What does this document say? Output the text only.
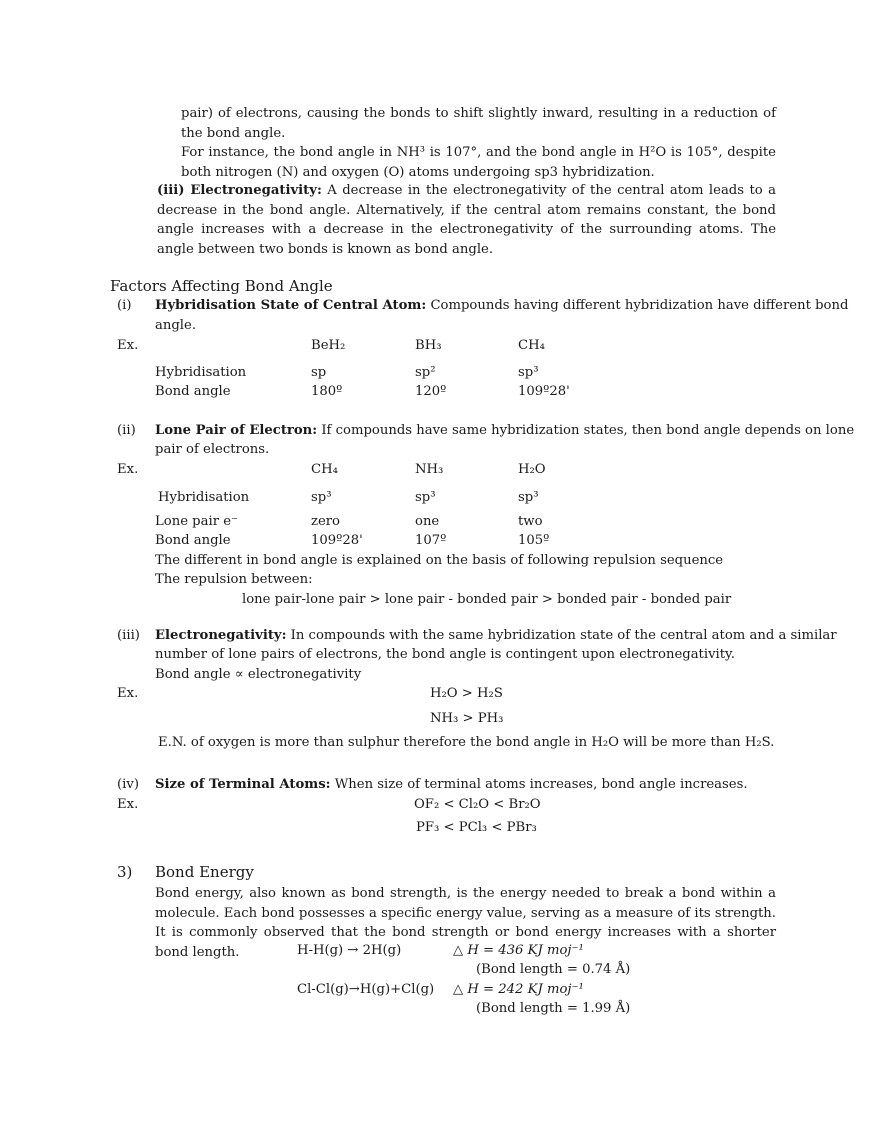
pair) of electrons, causing the bonds to shift slightly inward, resulting in a reduction of the bond angle.
For instance, the bond angle in NH³ is 107°, and the bond angle in H²O is 105°, despite both nitrogen (N) and oxygen (O) atoms undergoing sp3 hybridization.
(iii) Electronegativity: A decrease in the electronegativity of the central atom leads to a decrease in the bond angle. Alternatively, if the central atom remains constant, the bond angle increases with a decrease in the electronegativity of the surrounding atoms. The angle between two bonds is known as bond angle.
Factors Affecting Bond Angle
(i) Hybridisation State of Central Atom: Compounds having different hybridization have different bond
angle.
Ex.	BeH₂	BH₃	CH₄
Hybridisation	sp	sp²	sp³
Bond angle	180º	120º	109º28'
(ii) Lone Pair of Electron: If compounds have same hybridization states, then bond angle depends on lone
pair of electrons.
Ex.	CH₄	NH₃	H₂O
Hybridisation	sp³	sp³	sp³
Lone pair e⁻	zero	one	two
Bond angle	109º28'	107º	105º
The different in bond angle is explained on the basis of following repulsion sequence
The repulsion between:
lone pair-lone pair > lone pair - bonded pair > bonded pair - bonded pair
(iii) Electronegativity: In compounds with the same hybridization state of the central atom and a similar
number of lone pairs of electrons, the bond angle is contingent upon electronegativity.
Bond angle ∝ electronegativity
Ex.	H₂O > H₂S
NH₃ > PH₃
E.N. of oxygen is more than sulphur therefore the bond angle in H₂O will be more than H₂S.
(iv) Size of Terminal Atoms: When size of terminal atoms increases, bond angle increases.
Ex.	OF₂ < Cl₂O < Br₂O
PF₃ < PCl₃ < PBr₃
3) Bond Energy
Bond energy, also known as bond strength, is the energy needed to break a bond within a molecule. Each bond possesses a specific energy value, serving as a measure of its strength. It is commonly observed that the bond strength or bond energy increases with a shorter bond length.	H-H(g) → 2H(g)	△ H = 436 KJ moj⁻¹
(Bond length = 0.74 Å)
Cl-Cl(g)→H(g)+Cl(g) △ H = 242 KJ moj⁻¹
(Bond length = 1.99 Å)
